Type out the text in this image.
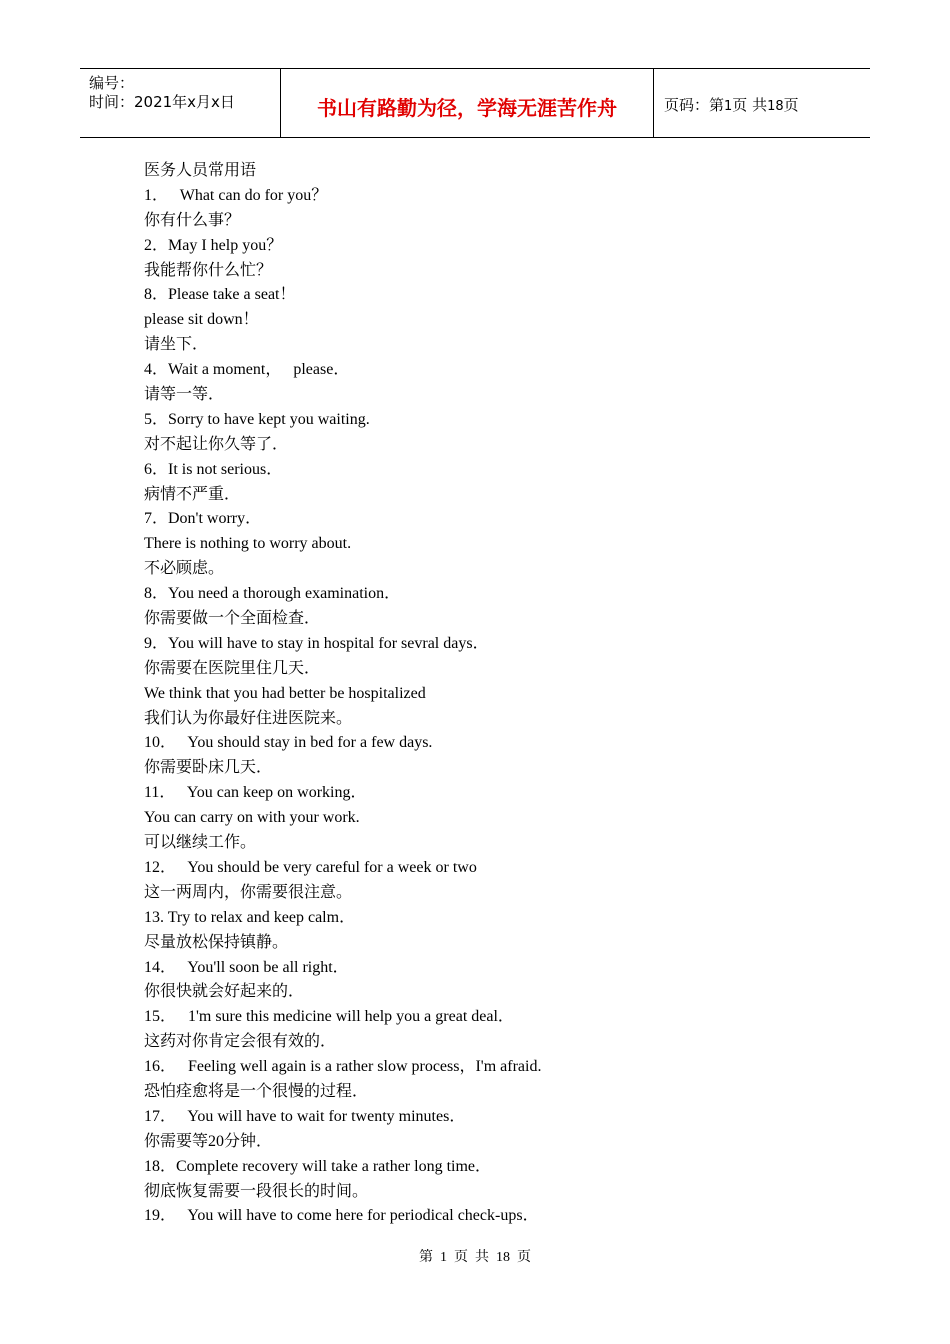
编号：
时间：2021年x月x日	书山有路勤为径，学海无涯苦作舟	页码：第1页 共18页
医务人员常用语
1．   What can do for you？
你有什么事？
2．May I help you？
我能帮你什么忙？
8．Please take a seat！
please sit down！
请坐下．
4．Wait a moment，   please．
请等一等．
5．Sorry to have kept you waiting.
对不起让你久等了．
6．It is not serious．
病情不严重．
7．Don't worry．
There is nothing to worry about.
不必顾虑。
8．You need a thorough examination．
你需要做一个全面检查．
9．You will have to stay in hospital for sevral days．
你需要在医院里住几天．
We think that you had better be hospitalized
我们认为你最好住进医院来。
10．   You should stay in bed for a few days.
你需要卧床几天．
11．   You can keep on working．
You can carry on with your work.
可以继续工作。
12．   You should be very careful for a week or two
这一两周内，你需要很注意。
13. Try to relax and keep calm．
尽量放松保持镇静。
14．   You'll soon be all right．
你很快就会好起来的．
15．   1'm sure this medicine will help you a great deal．
这药对你肯定会很有效的．
16．   Feeling well again is a rather slow process，I'm afraid.
恐怕痊愈将是一个很慢的过程．
17．   You will have to wait for twenty minutes．
你需要等20分钟．
18．Complete recovery will take a rather long time．
彻底恢复需要一段很长的时间。
19．   You will have to come here for periodical check-ups．
第  1  页  共  18  页
